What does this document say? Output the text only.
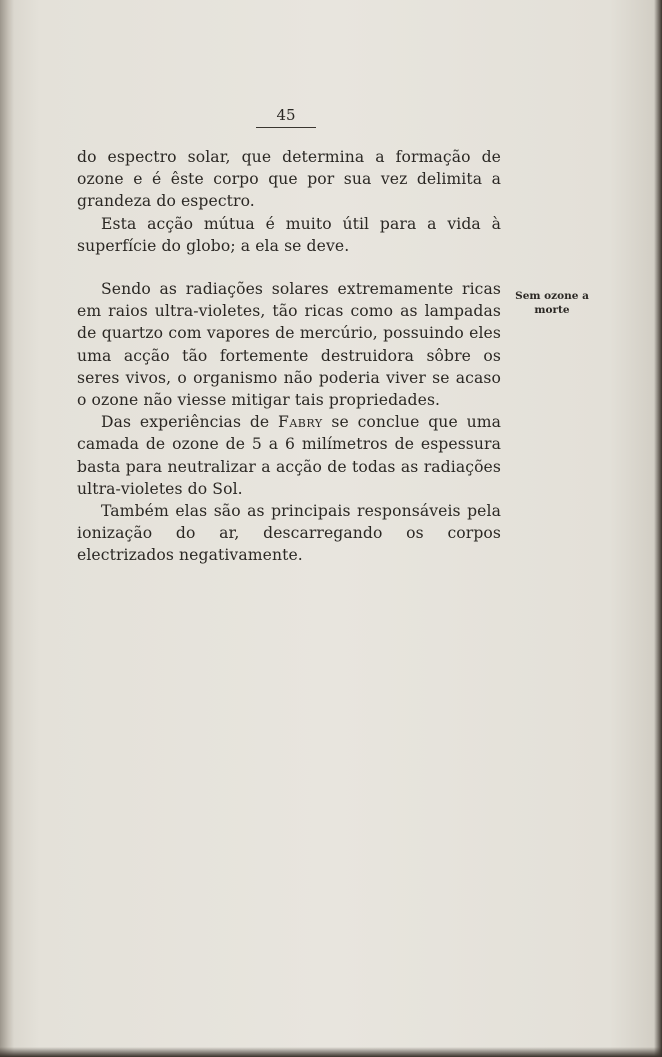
45

do espectro solar, que determina a formação de ozone e é êste corpo que por sua vez delimita a grandeza do espectro.

Esta acção mútua é muito útil para a vida à superfície do globo; a ela se deve.

Sendo as radiações solares extremamente ricas em raios ultra-violetes, tão ricas como as lampadas de quartzo com vapores de mercúrio, possuindo eles uma acção tão fortemente destruidora sôbre os seres vivos, o organismo não poderia viver se acaso o ozone não viesse mitigar tais propriedades.

Das experiências de Fabry se conclue que uma camada de ozone de 5 a 6 milímetros de espessura basta para neutralizar a acção de todas as radiações ultra-violetes do Sol.

Também elas são as principais responsáveis pela ionização do ar, descarregando os corpos electrizados negativamente.

Sem ozone a
morte
